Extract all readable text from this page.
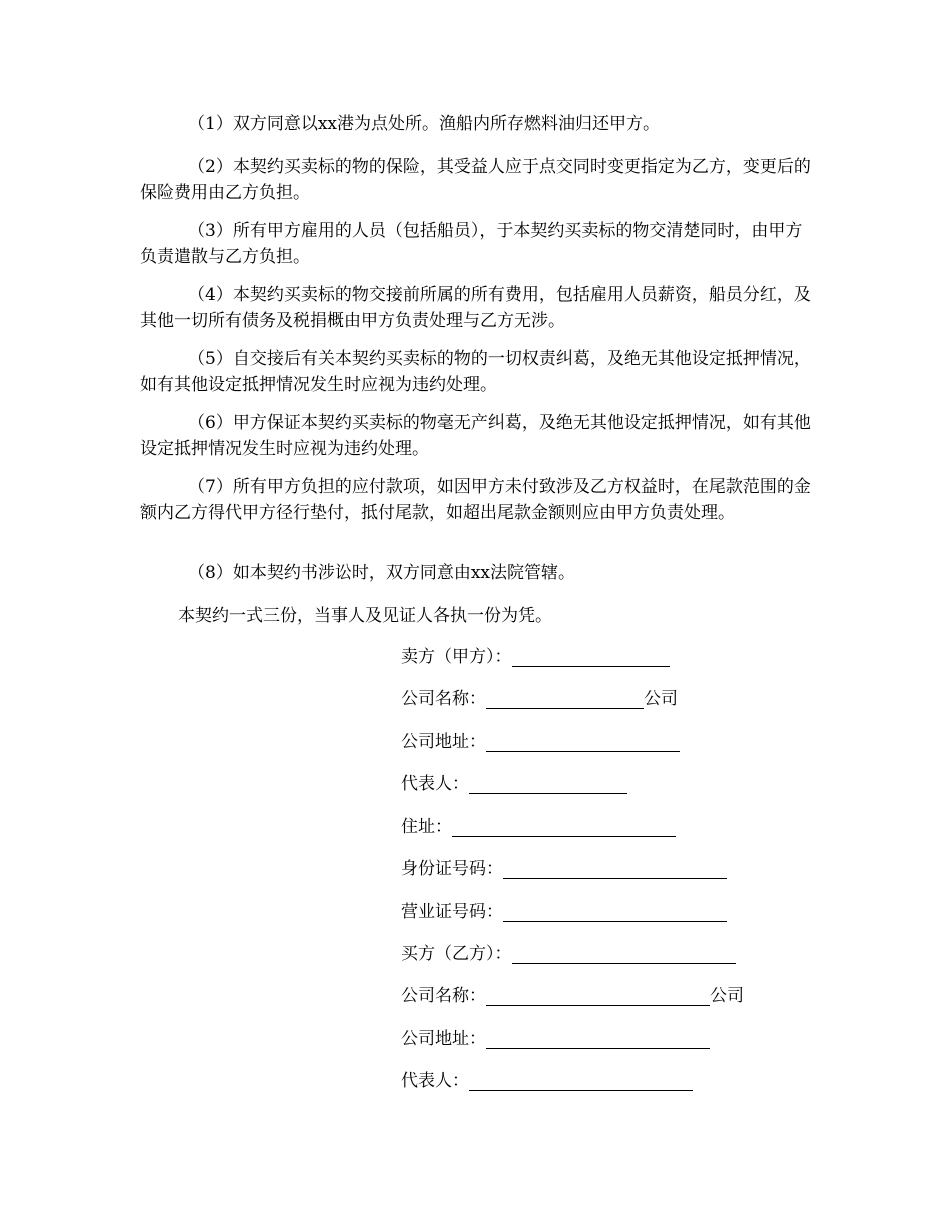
（1）双方同意以xx港为点处所。渔船内所存燃料油归还甲方。

（2）本契约买卖标的物的保险，其受益人应于点交同时变更指定为乙方，变更后的保险费用由乙方负担。

（3）所有甲方雇用的人员（包括船员），于本契约买卖标的物交清楚同时，由甲方负责遣散与乙方负担。

（4）本契约买卖标的物交接前所属的所有费用，包括雇用人员薪资，船员分红，及其他一切所有债务及税捐概由甲方负责处理与乙方无涉。

（5）自交接后有关本契约买卖标的物的一切权责纠葛，及绝无其他设定抵押情况，如有其他设定抵押情况发生时应视为违约处理。

（6）甲方保证本契约买卖标的物毫无产纠葛，及绝无其他设定抵押情况，如有其他设定抵押情况发生时应视为违约处理。

（7）所有甲方负担的应付款项，如因甲方未付致涉及乙方权益时，在尾款范围的金额内乙方得代甲方径行垫付，抵付尾款，如超出尾款金额则应由甲方负责处理。

（8）如本契约书涉讼时，双方同意由xx法院管辖。

本契约一式三份，当事人及见证人各执一份为凭。

卖方（甲方）：
公司名称：	公司
公司地址：
代表人：
住址：
身份证号码：
营业证号码：
买方（乙方）：
公司名称：	公司
公司地址：
代表人：
